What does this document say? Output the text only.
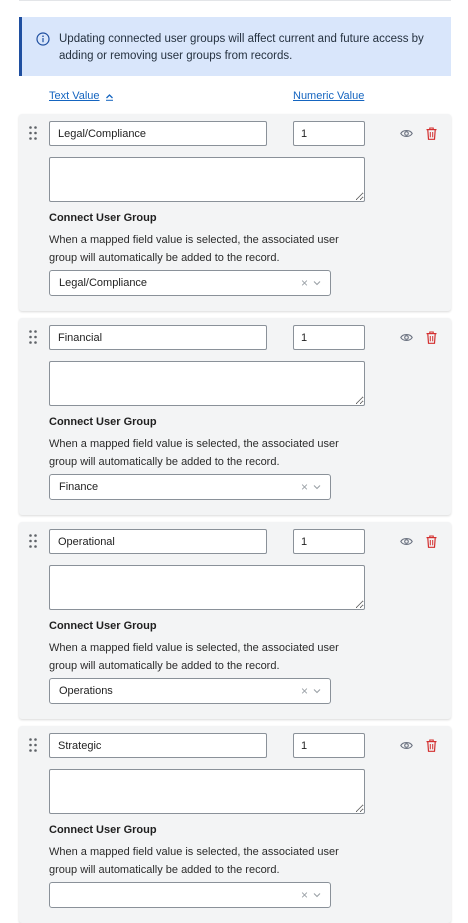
Updating connected user groups will affect current and future access by adding or removing user groups from records.
Text Value	Numeric Value
Legal/Compliance
1
Connect User Group
When a mapped field value is selected, the associated user group will automatically be added to the record.
Legal/Compliance	×
Financial
1
Connect User Group
When a mapped field value is selected, the associated user group will automatically be added to the record.
Finance	×
Operational
1
Connect User Group
When a mapped field value is selected, the associated user group will automatically be added to the record.
Operations	×
Strategic
1
Connect User Group
When a mapped field value is selected, the associated user group will automatically be added to the record.
×
